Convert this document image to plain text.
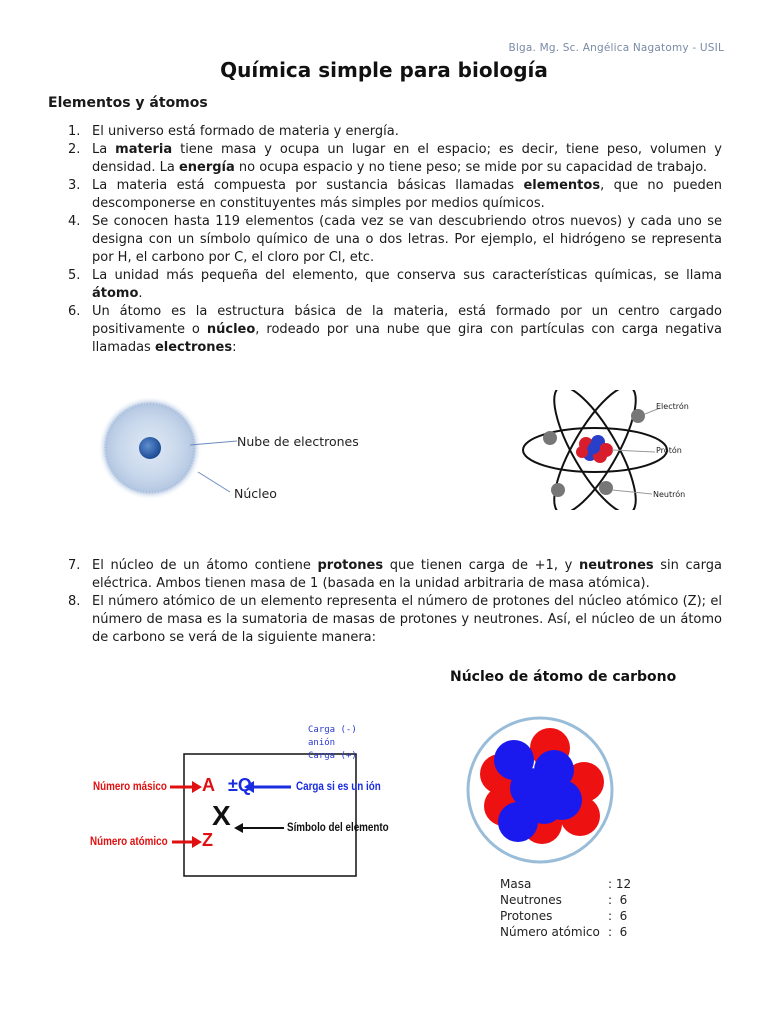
Blga. Mg. Sc. Angélica Nagatomy - USIL
Química simple para biología
Elementos y átomos
1. El universo está formado de materia y energía.
2. La materia tiene masa y ocupa un lugar en el espacio; es decir, tiene peso, volumen y densidad. La energía no ocupa espacio y no tiene peso; se mide por su capacidad de trabajo.
3. La materia está compuesta por sustancia básicas llamadas elementos, que no pueden descomponerse en constituyentes más simples por medios químicos.
4. Se conocen hasta 119 elementos (cada vez se van descubriendo otros nuevos) y cada uno se designa con un símbolo químico de una o dos letras. Por ejemplo, el hidrógeno se representa por H, el carbono por C, el cloro por Cl, etc.
5. La unidad más pequeña del elemento, que conserva sus características químicas, se llama átomo.
6. Un átomo es la estructura básica de la materia, está formado por un centro cargado positivamente o núcleo, rodeado por una nube que gira con partículas con carga negativa llamadas electrones:
Nube de electrones
Núcleo
Electrón
Protón
Neutrón
7. El núcleo de un átomo contiene protones que tienen carga de +1, y neutrones sin carga eléctrica. Ambos tienen masa de 1 (basada en la unidad arbitraria de masa atómica).
8. El número atómico de un elemento representa el número de protones del núcleo atómico (Z); el número de masa es la sumatoria de masas de protones y neutrones. Así, el núcleo de un átomo de carbono se verá de la siguiente manera:
Número másico
Número atómico
A
Z
±Q
X
Carga si es un ión
Símbolo del elemento
Carga (-)
anión
Carga (+)
Núcleo de átomo de carbono
Masa	: 12
Neutrones	:  6
Protones	:  6
Número atómico :  6
